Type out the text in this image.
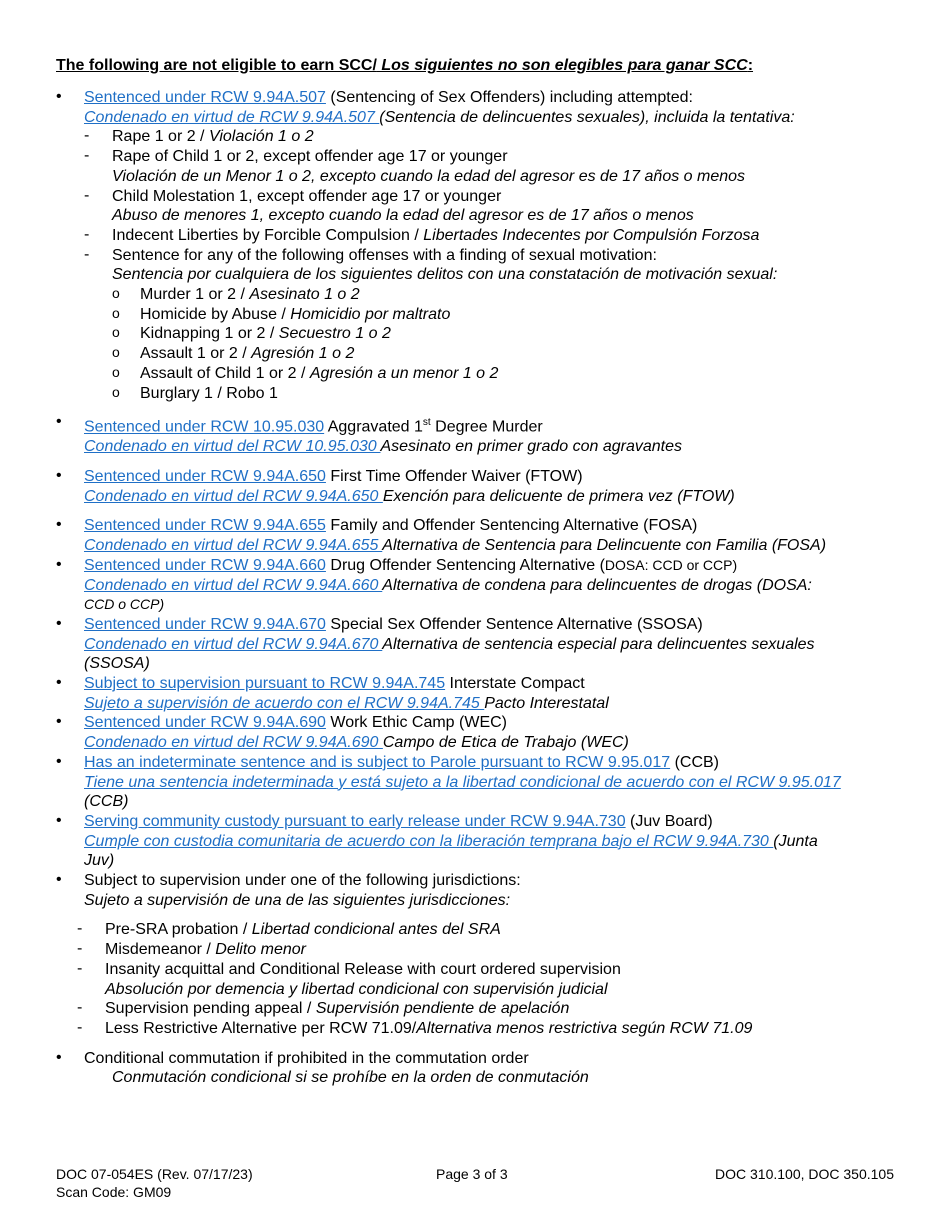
The following are not eligible to earn SCC/ Los siguientes no son elegibles para ganar SCC:
• Sentenced under RCW 9.94A.507 (Sentencing of Sex Offenders) including attempted:
Condenado en virtud de RCW 9.94A.507 (Sentencia de delincuentes sexuales), incluida la tentativa:
- Rape 1 or 2 / Violación 1 o 2
- Rape of Child 1 or 2, except offender age 17 or younger
Violación de un Menor 1 o 2, excepto cuando la edad del agresor es de 17 años o menos
- Child Molestation 1, except offender age 17 or younger
Abuso de menores 1, excepto cuando la edad del agresor es de 17 años o menos
- Indecent Liberties by Forcible Compulsion / Libertades Indecentes por Compulsión Forzosa
- Sentence for any of the following offenses with a finding of sexual motivation:
Sentencia por cualquiera de los siguientes delitos con una constatación de motivación sexual:
o Murder 1 or 2 / Asesinato 1 o 2
o Homicide by Abuse / Homicidio por maltrato
o Kidnapping 1 or 2 / Secuestro 1 o 2
o Assault 1 or 2 / Agresión 1 o 2
o Assault of Child 1 or 2 / Agresión a un menor 1 o 2
o Burglary 1 / Robo 1
• Sentenced under RCW 10.95.030 Aggravated 1st Degree Murder
Condenado en virtud del RCW 10.95.030 Asesinato en primer grado con agravantes
• Sentenced under RCW 9.94A.650 First Time Offender Waiver (FTOW)
Condenado en virtud del RCW 9.94A.650 Exención para delicuente de primera vez (FTOW)
• Sentenced under RCW 9.94A.655 Family and Offender Sentencing Alternative (FOSA)
Condenado en virtud del RCW 9.94A.655 Alternativa de Sentencia para Delincuente con Familia (FOSA)
• Sentenced under RCW 9.94A.660 Drug Offender Sentencing Alternative (DOSA: CCD or CCP)
Condenado en virtud del RCW 9.94A.660 Alternativa de condena para delincuentes de drogas (DOSA:
CCD o CCP)
• Sentenced under RCW 9.94A.670 Special Sex Offender Sentence Alternative (SSOSA)
Condenado en virtud del RCW 9.94A.670 Alternativa de sentencia especial para delincuentes sexuales
(SSOSA)
• Subject to supervision pursuant to RCW 9.94A.745 Interstate Compact
Sujeto a supervisión de acuerdo con el RCW 9.94A.745 Pacto Interestatal
• Sentenced under RCW 9.94A.690 Work Ethic Camp (WEC)
Condenado en virtud del RCW 9.94A.690 Campo de Etica de Trabajo (WEC)
• Has an indeterminate sentence and is subject to Parole pursuant to RCW 9.95.017 (CCB)
Tiene una sentencia indeterminada y está sujeto a la libertad condicional de acuerdo con el RCW 9.95.017
(CCB)
• Serving community custody pursuant to early release under RCW 9.94A.730 (Juv Board)
Cumple con custodia comunitaria de acuerdo con la liberación temprana bajo el RCW 9.94A.730 (Junta
Juv)
• Subject to supervision under one of the following jurisdictions:
Sujeto a supervisión de una de las siguientes jurisdicciones:
- Pre-SRA probation / Libertad condicional antes del SRA
- Misdemeanor / Delito menor
- Insanity acquittal and Conditional Release with court ordered supervision
Absolución por demencia y libertad condicional con supervisión judicial
- Supervision pending appeal / Supervisión pendiente de apelación
- Less Restrictive Alternative per RCW 71.09/Alternativa menos restrictiva según RCW 71.09
• Conditional commutation if prohibited in the commutation order
Conmutación condicional si se prohíbe en la orden de conmutación
DOC 07-054ES (Rev. 07/17/23)
Scan Code: GM09
Page 3 of 3	DOC 310.100, DOC 350.105
